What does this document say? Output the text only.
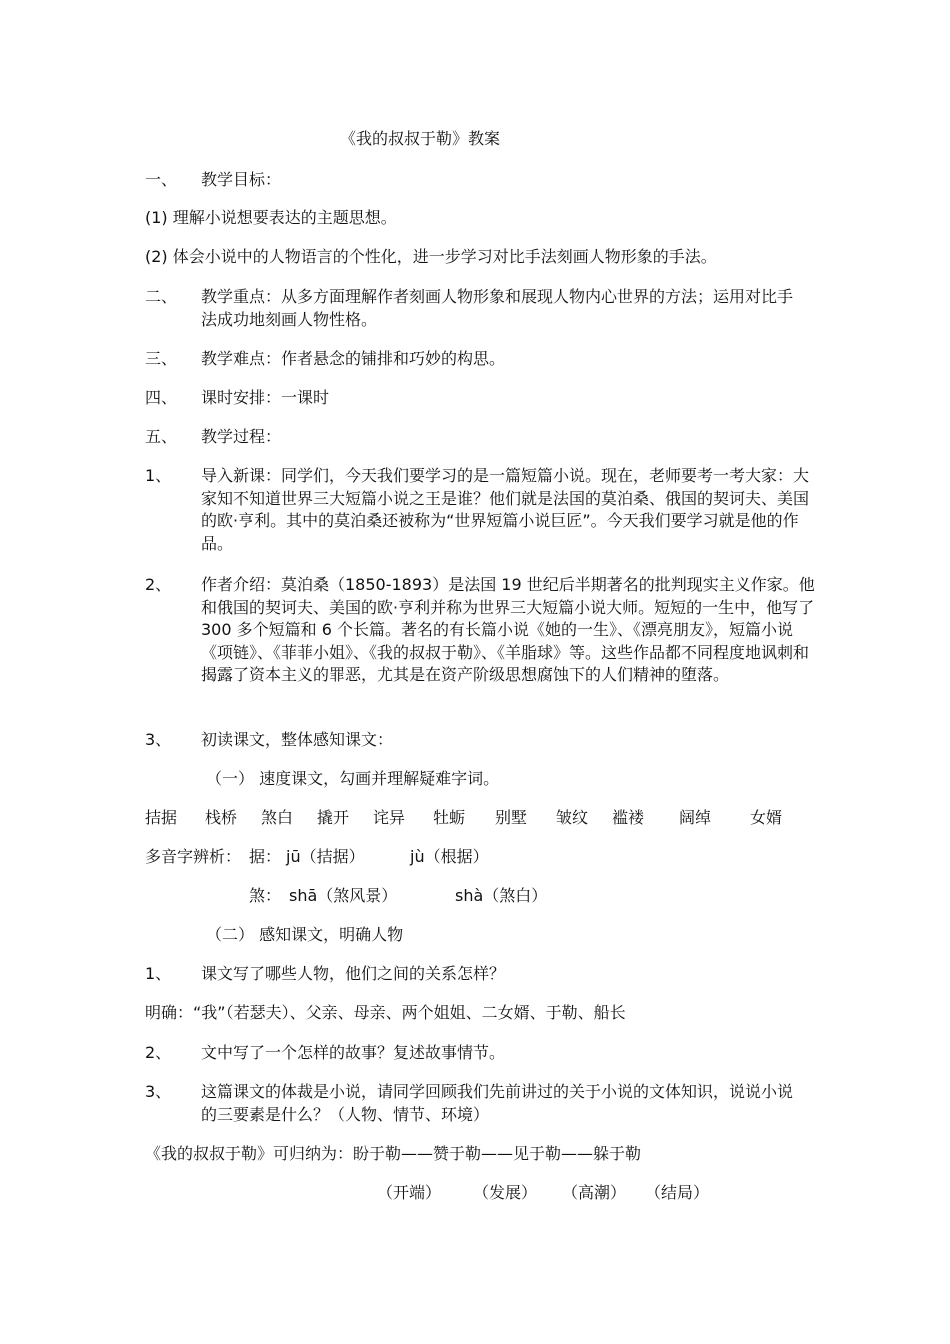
《我的叔叔于勒》教案
一、 教学目标：
(1) 理解小说想要表达的主题思想。
(2) 体会小说中的人物语言的个性化，进一步学习对比手法刻画人物形象的手法。
二、 教学重点：从多方面理解作者刻画人物形象和展现人物内心世界的方法；运用对比手法成功地刻画人物性格。
三、 教学难点：作者悬念的铺排和巧妙的构思。
四、 课时安排：一课时
五、 教学过程：
1、 导入新课：同学们，今天我们要学习的是一篇短篇小说。现在，老师要考一考大家：大家知不知道世界三大短篇小说之王是谁？他们就是法国的莫泊桑、俄国的契诃夫、美国的欧·亨利。其中的莫泊桑还被称为“世界短篇小说巨匠”。今天我们要学习就是他的作品。
2、 作者介绍：莫泊桑（1850-1893）是法国 19 世纪后半期著名的批判现实主义作家。他和俄国的契诃夫、美国的欧·亨利并称为世界三大短篇小说大师。短短的一生中，他写了 300 多个短篇和 6 个长篇。著名的有长篇小说《她的一生》、《漂亮朋友》，短篇小说《项链》、《菲菲小姐》、《我的叔叔于勒》、《羊脂球》等。这些作品都不同程度地讽刺和揭露了资本主义的罪恶，尤其是在资产阶级思想腐蚀下的人们精神的堕落。
3、 初读课文，整体感知课文：
（一） 速度课文，勾画并理解疑难字词。
拮据 栈桥 煞白 撬开 诧异 牡蛎 别墅 皱纹 褴褛 阔绰 女婿
多音字辨析： 据： jū（拮据）	jù（根据）
煞： shā（煞风景）	shà（煞白）
（二） 感知课文，明确人物
1、 课文写了哪些人物，他们之间的关系怎样？
明确：“我”（若瑟夫）、父亲、母亲、两个姐姐、二女婿、于勒、船长
2、 文中写了一个怎样的故事？复述故事情节。
3、 这篇课文的体裁是小说，请同学回顾我们先前讲过的关于小说的文体知识，说说小说的三要素是什么？（人物、情节、环境）
《我的叔叔于勒》可归纳为：盼于勒——赞于勒——见于勒——躲于勒
（开端） （发展） （高潮） （结局）
